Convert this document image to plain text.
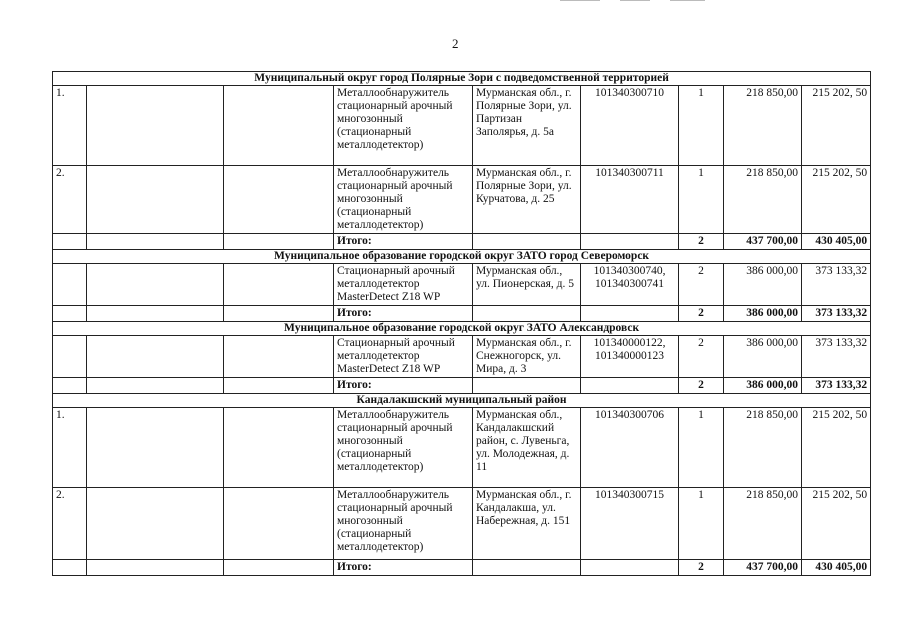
2
Муниципальный округ город Полярные Зори с подведомственной территорией								
1.			Металлообнаружитель стационарный арочный многозонный (стационарный металлодетектор)	Мурманская обл., г. Полярные Зори, ул. Партизан Заполярья, д. 5а	101340300710	1	218 850,00	215 202, 50
2.			Металлообнаружитель стационарный арочный многозонный (стационарный металлодетектор)	Мурманская обл., г. Полярные Зори, ул. Курчатова, д. 25	101340300711	1	218 850,00	215 202, 50
			Итого:			2	437 700,00	430 405,00
Муниципальное образование городской округ ЗАТО город Североморск								
			Стационарный арочный металлодетектор MasterDetect Z18 WP	Мурманская обл., ул. Пионерская, д. 5	101340300740, 101340300741	2	386 000,00	373 133,32
			Итого:			2	386 000,00	373 133,32
Муниципальное образование городской округ ЗАТО Александровск								
			Стационарный арочный металлодетектор MasterDetect Z18 WP	Мурманская обл., г. Снежногорск, ул. Мира, д. 3	101340000122, 101340000123	2	386 000,00	373 133,32
			Итого:			2	386 000,00	373 133,32
Кандалакшский муниципальный район								
1.			Металлообнаружитель стационарный арочный многозонный (стационарный металлодетектор)	Мурманская обл., Кандалакшский район, с. Лувеньга, ул. Молодежная, д. 11	101340300706	1	218 850,00	215 202, 50
2.			Металлообнаружитель стационарный арочный многозонный (стационарный металлодетектор)	Мурманская обл., г. Кандалакша, ул. Набережная, д. 151	101340300715	1	218 850,00	215 202, 50
			Итого:			2	437 700,00	430 405,00
